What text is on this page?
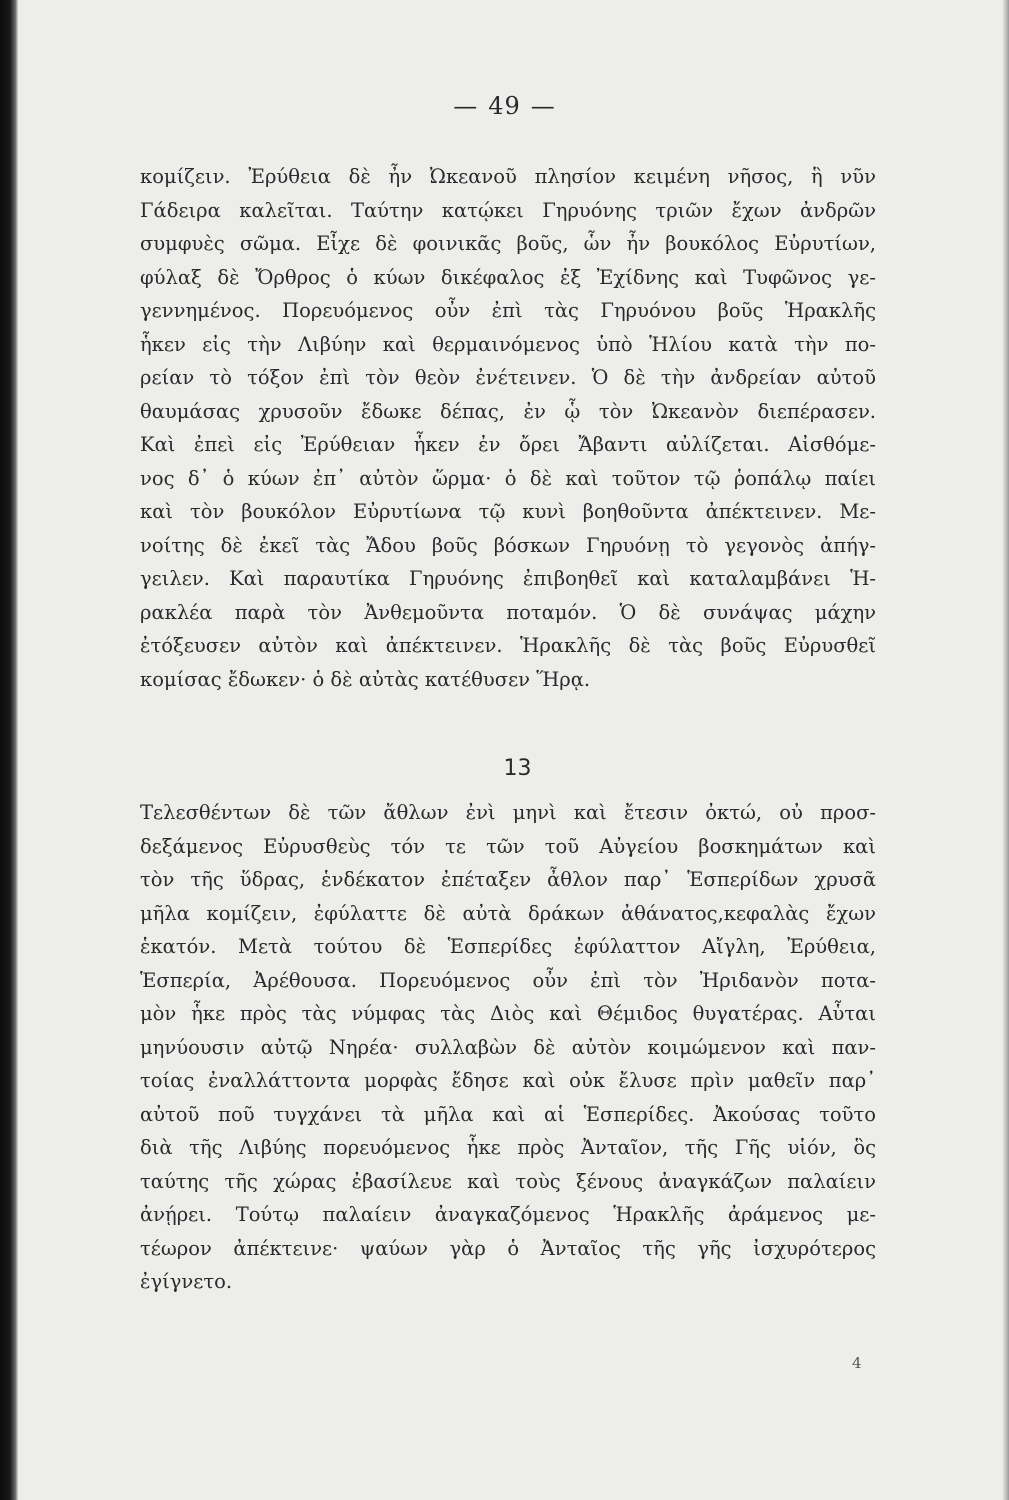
— 49 —
κομίζειν. Ἐρύθεια δὲ ἦν Ὠκεανοῦ πλησίον κειμένη νῆσος, ἣ νῦν
Γάδειρα καλεῖται. Ταύτην κατῴκει Γηρυόνης τριῶν ἔχων ἀνδρῶν
συμφυὲς σῶμα. Εἶχε δὲ φοινικᾶς βοῦς, ὧν ἦν βουκόλος Εὐρυτίων,
φύλαξ δὲ Ὄρθρος ὁ κύων δικέφαλος ἐξ Ἐχίδνης καὶ Τυφῶνος γε-
γεννημένος. Πορευόμενος οὖν ἐπὶ τὰς Γηρυόνου βοῦς Ἡρακλῆς
ἧκεν εἰς τὴν Λιβύην καὶ θερμαινόμενος ὑπὸ Ἡλίου κατὰ τὴν πο-
ρείαν τὸ τόξον ἐπὶ τὸν θεὸν ἐνέτεινεν. Ὁ δὲ τὴν ἀνδρείαν αὐτοῦ
θαυμάσας χρυσοῦν ἔδωκε δέπας, ἐν ᾧ τὸν Ὠκεανὸν διεπέρασεν.
Καὶ ἐπεὶ εἰς Ἐρύθειαν ἧκεν ἐν ὄρει Ἄβαντι αὐλίζεται. Αἰσθόμε-
νος δ᾽ ὁ κύων ἐπ᾽ αὐτὸν ὥρμα· ὁ δὲ καὶ τοῦτον τῷ ῥοπάλῳ παίει
καὶ τὸν βουκόλον Εὐρυτίωνα τῷ κυνὶ βοηθοῦντα ἀπέκτεινεν. Με-
νοίτης δὲ ἐκεῖ τὰς Ἄδου βοῦς βόσκων Γηρυόνῃ τὸ γεγονὸς ἀπήγ-
γειλεν. Καὶ παραυτίκα Γηρυόνης ἐπιβοηθεῖ καὶ καταλαμβάνει Ἡ-
ρακλέα παρὰ τὸν Ἀνθεμοῦντα ποταμόν. Ὁ δὲ συνάψας μάχην
ἐτόξευσεν αὐτὸν καὶ ἀπέκτεινεν. Ἡρακλῆς δὲ τὰς βοῦς Εὐρυσθεῖ
κομίσας ἔδωκεν· ὁ δὲ αὐτὰς κατέθυσεν Ἥρᾳ.
13
Τελεσθέντων δὲ τῶν ἄθλων ἐνὶ μηνὶ καὶ ἔτεσιν ὀκτώ, οὐ προσ-
δεξάμενος Εὐρυσθεὺς τόν τε τῶν τοῦ Αὐγείου βοσκημάτων καὶ
τὸν τῆς ὕδρας, ἑνδέκατον ἐπέταξεν ἆθλον παρ᾽ Ἑσπερίδων χρυσᾶ
μῆλα κομίζειν, ἐφύλαττε δὲ αὐτὰ δράκων ἀθάνατος,κεφαλὰς ἔχων
ἑκατόν. Μετὰ τούτου δὲ Ἑσπερίδες ἐφύλαττον Αἴγλη, Ἐρύθεια,
Ἑσπερία, Ἀρέθουσα. Πορευόμενος οὖν ἐπὶ τὸν Ἠριδανὸν ποτα-
μὸν ἧκε πρὸς τὰς νύμφας τὰς Διὸς καὶ Θέμιδος θυγατέρας. Αὗται
μηνύουσιν αὐτῷ Νηρέα· συλλαβὼν δὲ αὐτὸν κοιμώμενον καὶ παν-
τοίας ἐναλλάττοντα μορφὰς ἔδησε καὶ οὐκ ἔλυσε πρὶν μαθεῖν παρ᾽
αὐτοῦ ποῦ τυγχάνει τὰ μῆλα καὶ αἱ Ἑσπερίδες. Ἀκούσας τοῦτο
διὰ τῆς Λιβύης πορευόμενος ἧκε πρὸς Ἀνταῖον, τῆς Γῆς υἱόν, ὃς
ταύτης τῆς χώρας ἐβασίλευε καὶ τοὺς ξένους ἀναγκάζων παλαίειν
ἀνῄρει. Τούτῳ παλαίειν ἀναγκαζόμενος Ἡρακλῆς ἀράμενος με-
τέωρον ἀπέκτεινε· ψαύων γὰρ ὁ Ἀνταῖος τῆς γῆς ἰσχυρότερος
ἐγίγνετο.
4
